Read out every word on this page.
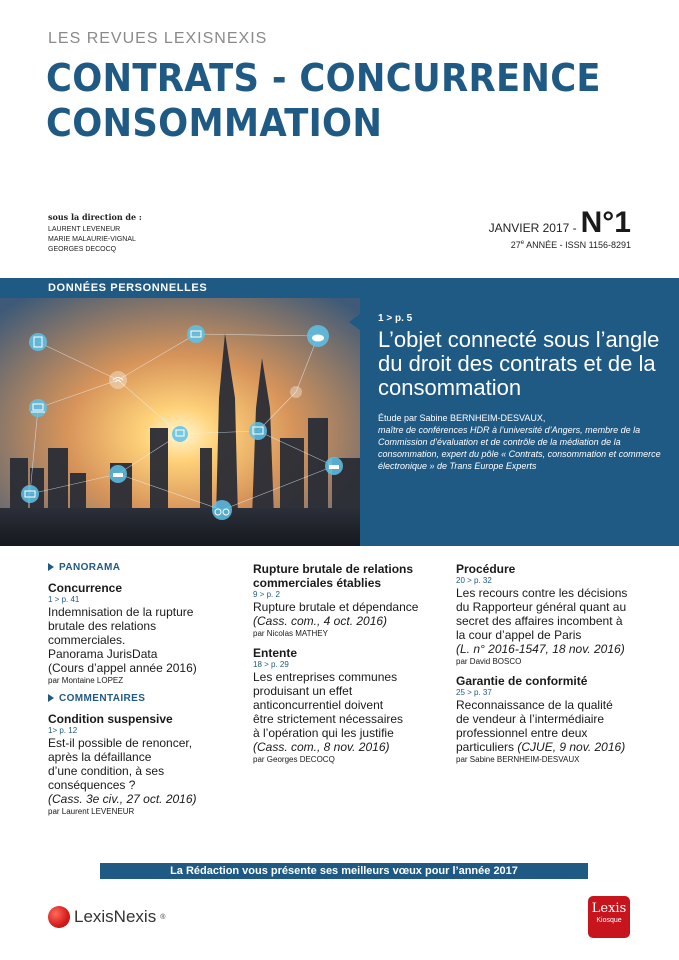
LES REVUES LEXISNEXIS
CONTRATS - CONCURRENCE
CONSOMMATION
sous la direction de :
LAURENT LEVENEUR
MARIE MALAURIE-VIGNAL
GEORGES DECOCQ
JANVIER 2017 - N°1
27e ANNÉE - ISSN 1156-8291
DONNÉES PERSONNELLES
1 > p. 5
L’objet connecté sous l’angle du droit des contrats et de la consommation
Étude par Sabine BERNHEIM-DESVAUX,
maître de conférences HDR à l’université d’Angers, membre de la Commission d’évaluation et de contrôle de la médiation de la consommation, expert du pôle « Contrats, consommation et commerce électronique » de Trans Europe Experts
PANORAMA
Concurrence
1 > p. 41
Indemnisation de la rupture
brutale des relations
commerciales.
Panorama JurisData
(Cours d’appel année 2016)
par Montaine LOPEZ
COMMENTAIRES
Condition suspensive
1> p. 12
Est-il possible de renoncer,
après la défaillance
d’une condition, à ses
conséquences ?
(Cass. 3e civ., 27 oct. 2016)
par Laurent LEVENEUR
Rupture brutale de relations
commerciales établies
9 > p. 2
Rupture brutale et dépendance
(Cass. com., 4 oct. 2016)
par Nicolas MATHEY
Entente
18 > p. 29
Les entreprises communes
produisant un effet
anticoncurrentiel doivent
être strictement nécessaires
à l’opération qui les justifie
(Cass. com., 8 nov. 2016)
par Georges DECOCQ
Procédure
20 > p. 32
Les recours contre les décisions
du Rapporteur général quant au
secret des affaires incombent à
la cour d’appel de Paris
(L. n° 2016-1547, 18 nov. 2016)
par David BOSCO
Garantie de conformité
25 > p. 37
Reconnaissance de la qualité
de vendeur à l’intermédiaire
professionnel entre deux
particuliers (CJUE, 9 nov. 2016)
par Sabine BERNHEIM-DESVAUX
La Rédaction vous présente ses meilleurs vœux pour l’année 2017
LexisNexis ®
Lexis
Kiosque
